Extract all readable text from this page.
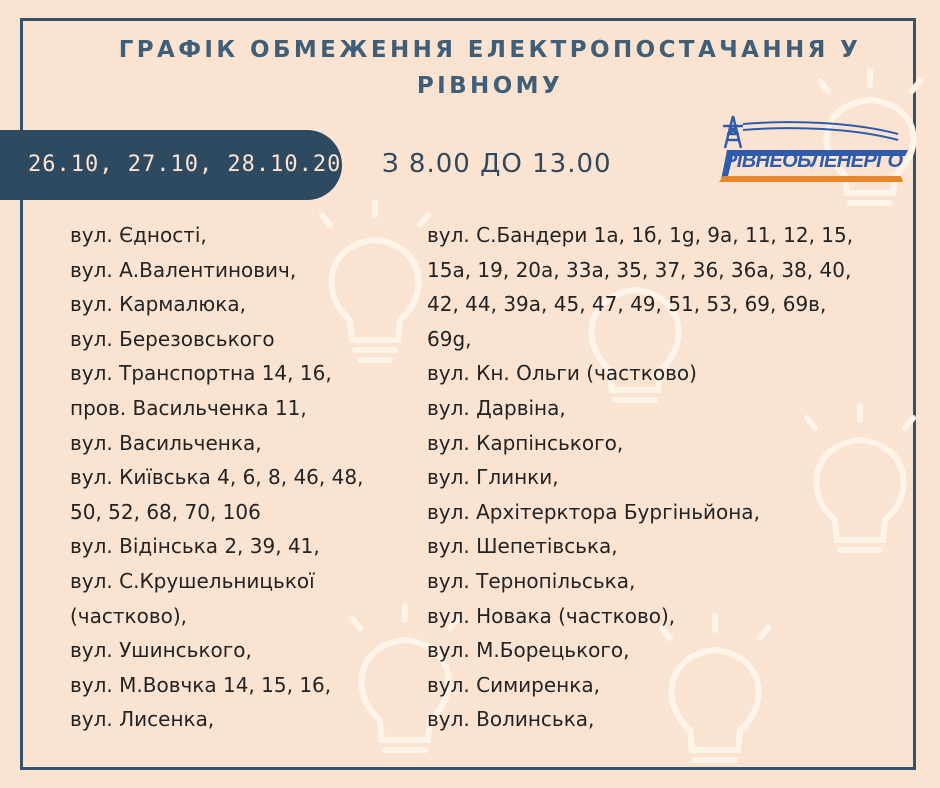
ГРАФІК ОБМЕЖЕННЯ ЕЛЕКТРОПОСТАЧАННЯ У
РІВНОМУ
26.10, 27.10, 28.10.2022 З 8.00 ДО 13.00	РІВНЕОБЛЕНЕРГО
вул. Єдності,
вул. А.Валентинович,
вул. Кармалюка,
вул. Березовського
вул. Транспортна 14, 16,
пров. Васильченка 11,
вул. Васильченка,
вул. Київська 4, 6, 8, 46, 48,
50, 52, 68, 70, 106
вул. Відінська 2, 39, 41,
вул. С.Крушельницької
(частково),
вул. Ушинського,
вул. М.Вовчка 14, 15, 16,
вул. Лисенка,
вул. С.Бандери 1а, 1б, 1g, 9а, 11, 12, 15,
15а, 19, 20а, 33а, 35, 37, 36, 36а, 38, 40,
42, 44, 39а, 45, 47, 49, 51, 53, 69, 69в,
69g,
вул. Кн. Ольги (частково)
вул. Дарвіна,
вул. Карпінського,
вул. Глинки,
вул. Архітерктора Бургіньйона,
вул. Шепетівська,
вул. Тернопільська,
вул. Новака (частково),
вул. М.Борецького,
вул. Симиренка,
вул. Волинська,
